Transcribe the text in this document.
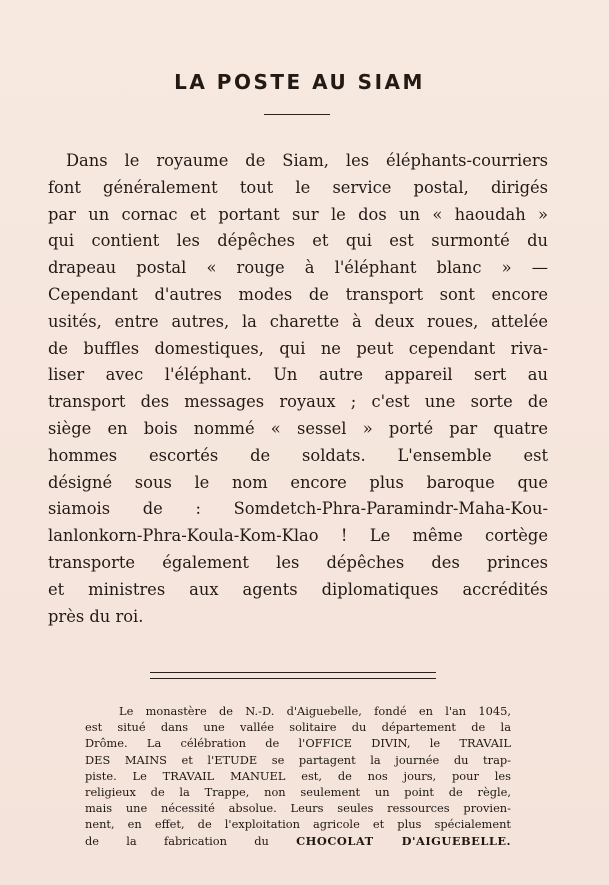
LA POSTE AU SIAM
Dans le royaume de Siam, les éléphants-courriers
font généralement tout le service postal, dirigés
par un cornac et portant sur le dos un « haoudah »
qui contient les dépêches et qui est surmonté du
drapeau postal « rouge à l'éléphant blanc » —
Cependant d'autres modes de transport sont encore
usités, entre autres, la charette à deux roues, attelée
de buffles domestiques, qui ne peut cependant riva-
liser avec l'éléphant. Un autre appareil sert au
transport des messages royaux ; c'est une sorte de
siège en bois nommé « sessel » porté par quatre
hommes escortés de soldats. L'ensemble est
désigné sous le nom encore plus baroque que
siamois de : Somdetch-Phra-Paramindr-Maha-Kou-
lanlonkorn-Phra-Koula-Kom-Klao ! Le même cortège
transporte également les dépêches des princes
et ministres aux agents diplomatiques accrédités
près du roi.
Le monastère de N.-D. d'Aiguebelle, fondé en l'an 1045,
est situé dans une vallée solitaire du département de la
Drôme. La célébration de l'OFFICE DIVIN, le TRAVAIL
DES MAINS et l'ETUDE se partagent la journée du trap-
piste. Le TRAVAIL MANUEL est, de nos jours, pour les
religieux de la Trappe, non seulement un point de règle,
mais une nécessité absolue. Leurs seules ressources provien-
nent, en effet, de l'exploitation agricole et plus spécialement
de la fabrication du CHOCOLAT D'AIGUEBELLE.
